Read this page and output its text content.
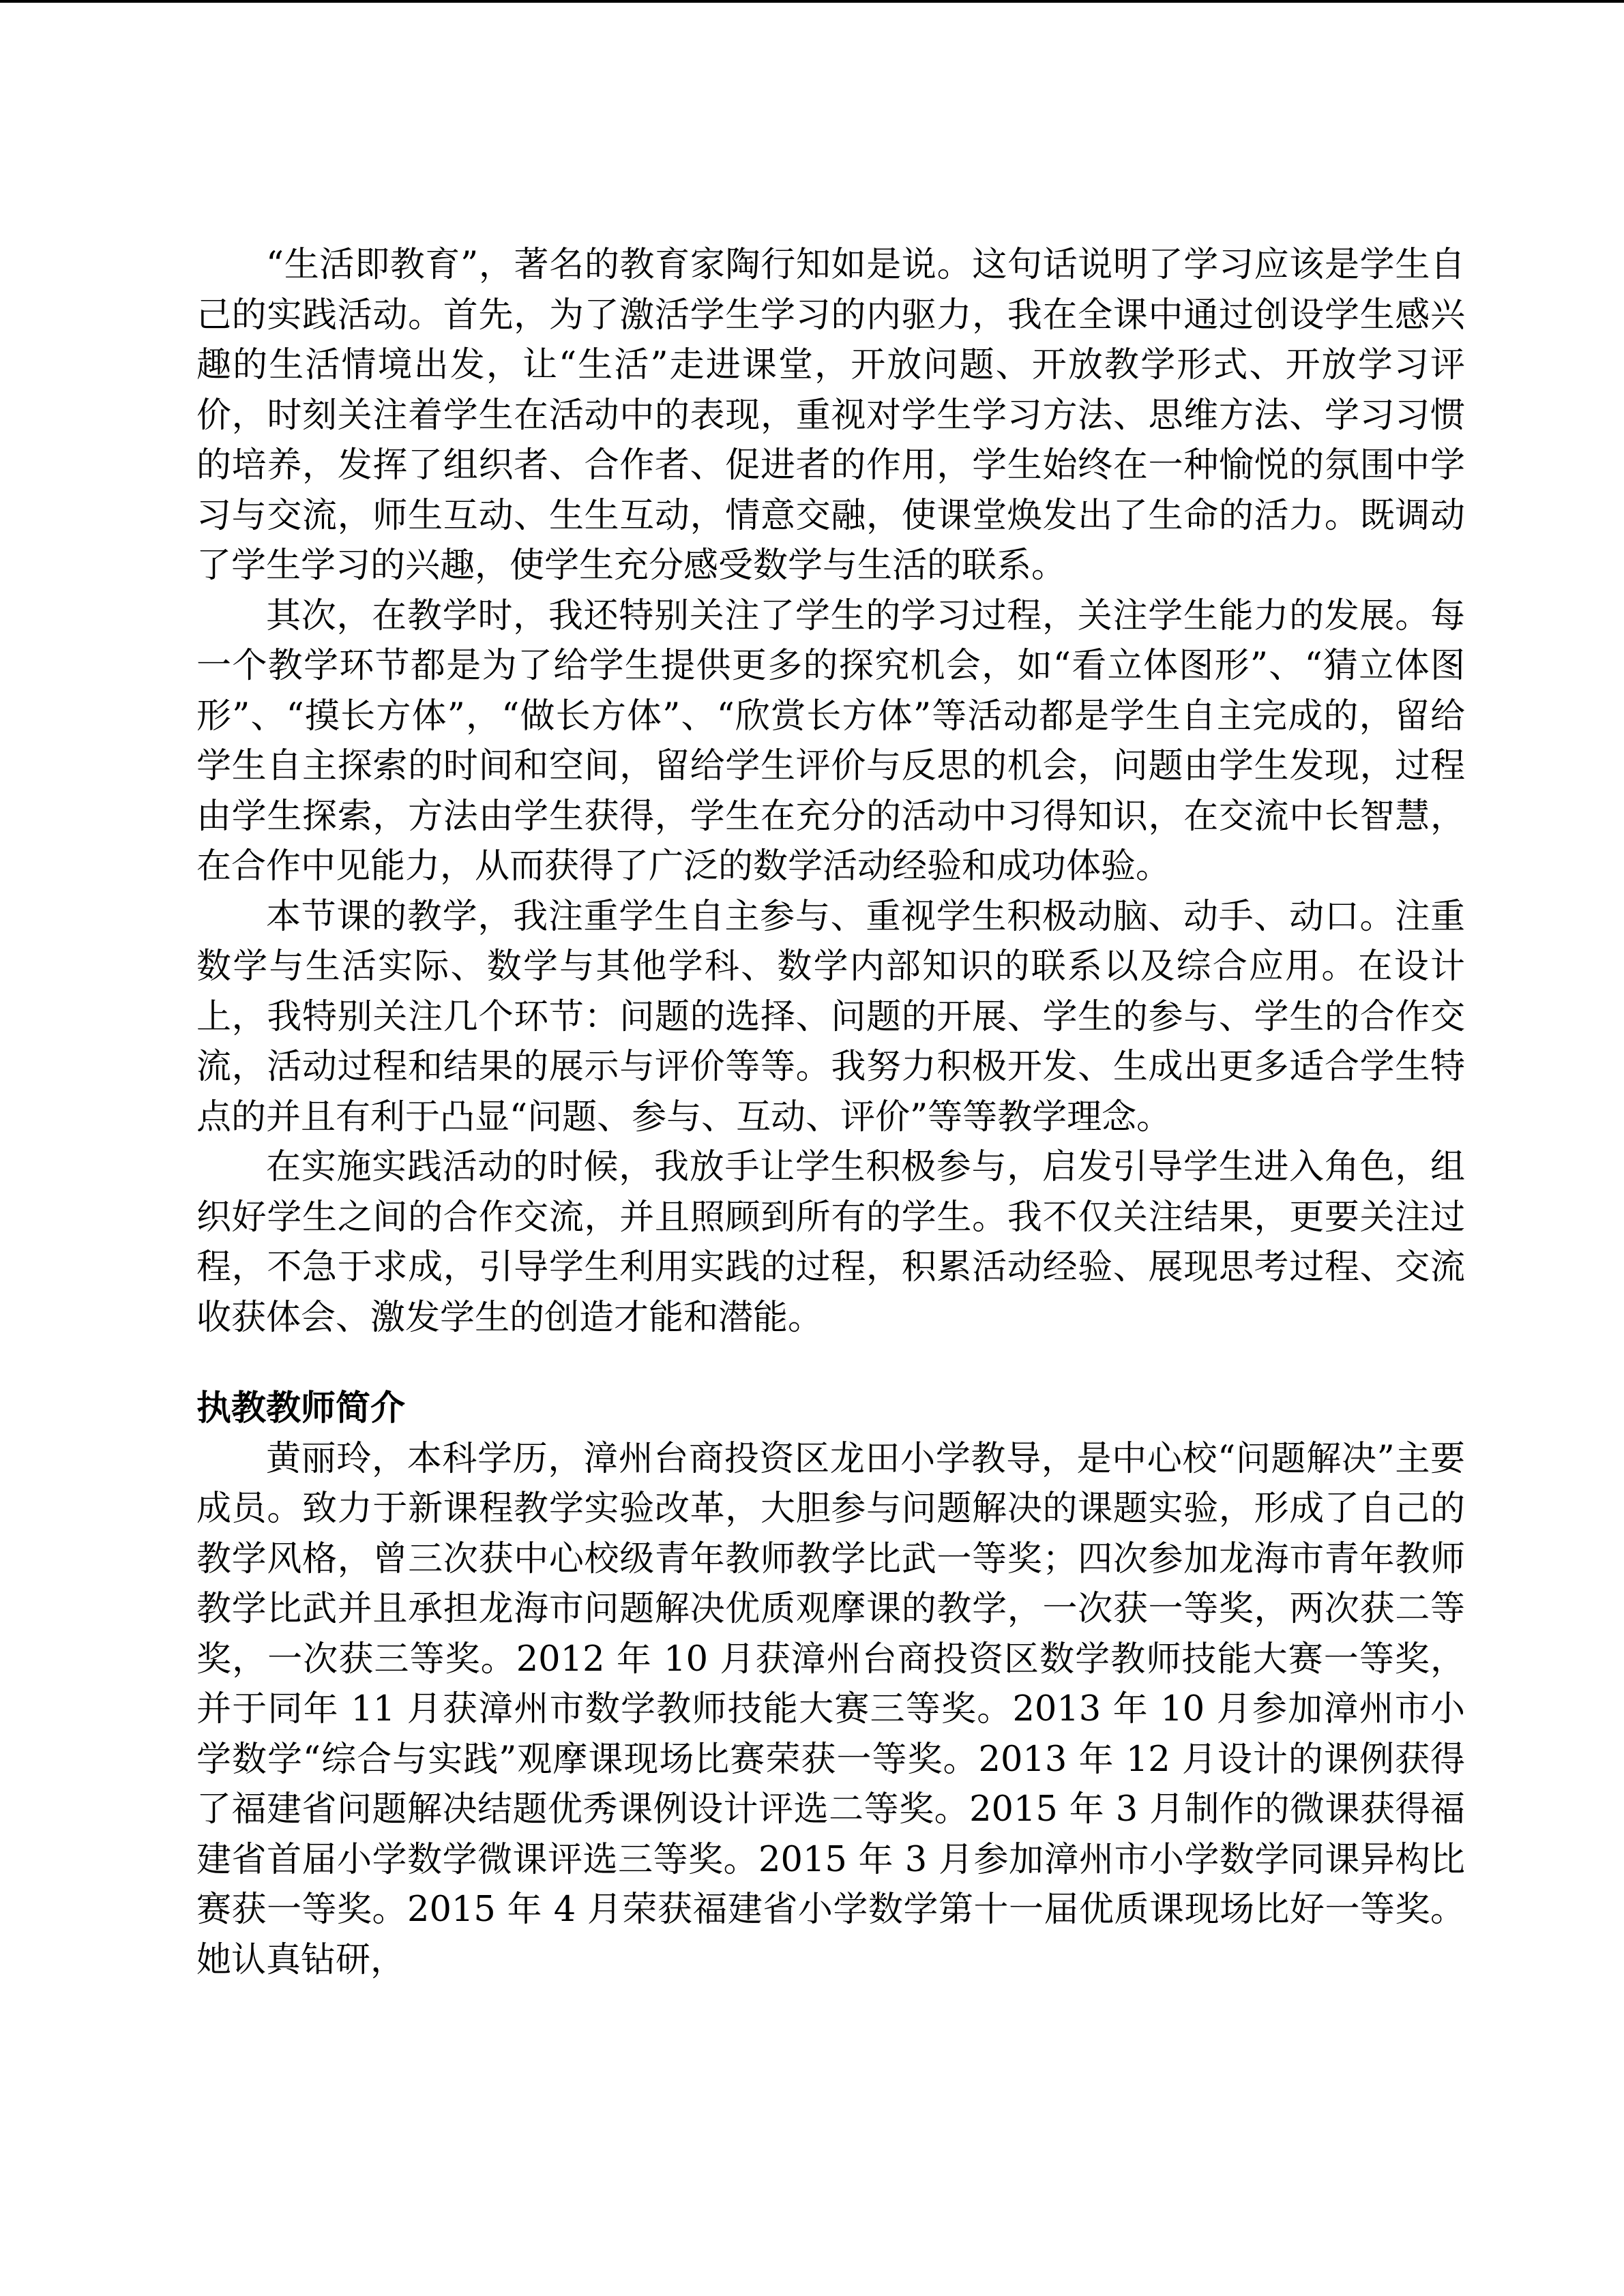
“生活即教育”，著名的教育家陶行知如是说。这句话说明了学习应该是学生自己的实践活动。首先，为了激活学生学习的内驱力，我在全课中通过创设学生感兴趣的生活情境出发，让“生活”走进课堂，开放问题、开放教学形式、开放学习评价，时刻关注着学生在活动中的表现，重视对学生学习方法、思维方法、学习习惯的培养，发挥了组织者、合作者、促进者的作用，学生始终在一种愉悦的氛围中学习与交流，师生互动、生生互动，情意交融，使课堂焕发出了生命的活力。既调动了学生学习的兴趣，使学生充分感受数学与生活的联系。

其次，在教学时，我还特别关注了学生的学习过程，关注学生能力的发展。每一个教学环节都是为了给学生提供更多的探究机会，如“看立体图形”、“猜立体图形”、“摸长方体”，“做长方体”、“欣赏长方体”等活动都是学生自主完成的，留给学生自主探索的时间和空间，留给学生评价与反思的机会，问题由学生发现，过程由学生探索，方法由学生获得，学生在充分的活动中习得知识，在交流中长智慧，在合作中见能力，从而获得了广泛的数学活动经验和成功体验。

本节课的教学，我注重学生自主参与、重视学生积极动脑、动手、动口。注重数学与生活实际、数学与其他学科、数学内部知识的联系以及综合应用。在设计上，我特别关注几个环节：问题的选择、问题的开展、学生的参与、学生的合作交流，活动过程和结果的展示与评价等等。我努力积极开发、生成出更多适合学生特点的并且有利于凸显“问题、参与、互动、评价”等等教学理念。

在实施实践活动的时候，我放手让学生积极参与，启发引导学生进入角色，组织好学生之间的合作交流，并且照顾到所有的学生。我不仅关注结果，更要关注过程，不急于求成，引导学生利用实践的过程，积累活动经验、展现思考过程、交流收获体会、激发学生的创造才能和潜能。

执教教师简介

黄丽玲，本科学历，漳州台商投资区龙田小学教导，是中心校“问题解决”主要成员。致力于新课程教学实验改革，大胆参与问题解决的课题实验，形成了自己的教学风格，曾三次获中心校级青年教师教学比武一等奖；四次参加龙海市青年教师教学比武并且承担龙海市问题解决优质观摩课的教学，一次获一等奖，两次获二等奖，一次获三等奖。2012 年 10 月获漳州台商投资区数学教师技能大赛一等奖，并于同年 11 月获漳州市数学教师技能大赛三等奖。2013 年 10 月参加漳州市小学数学“综合与实践”观摩课现场比赛荣获一等奖。2013 年 12 月设计的课例获得了福建省问题解决结题优秀课例设计评选二等奖。2015 年 3 月制作的微课获得福建省首届小学数学微课评选三等奖。2015 年 3 月参加漳州市小学数学同课异构比赛获一等奖。2015 年 4 月荣获福建省小学数学第十一届优质课现场比好一等奖。她认真钻研，
